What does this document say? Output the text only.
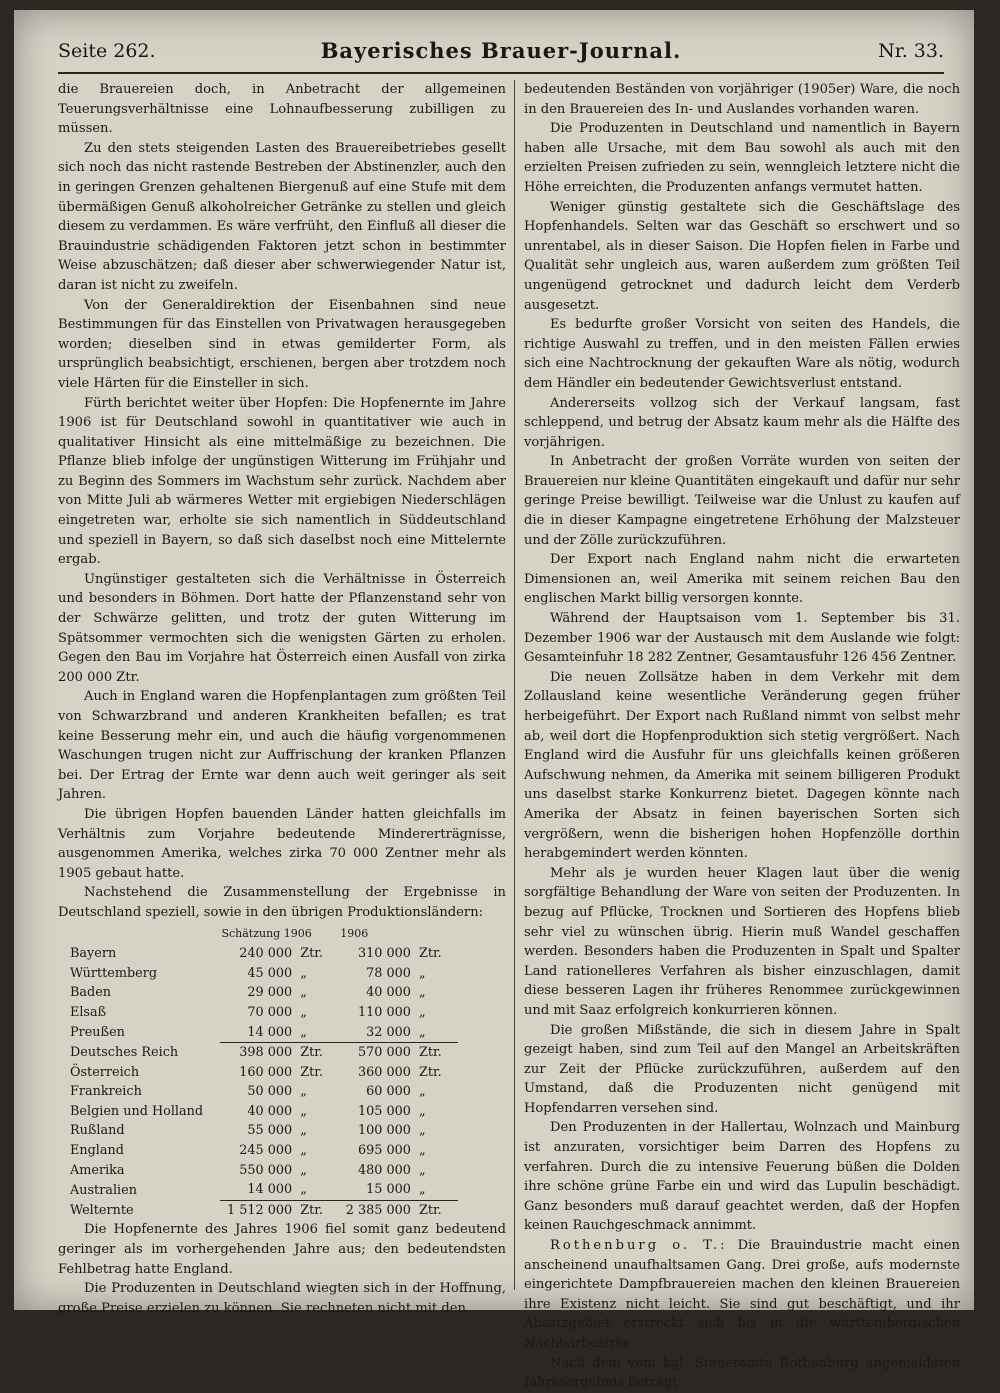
Seite 262.	Bayerisches Brauer-Journal.	Nr. 33.

die Brauereien doch, in Anbetracht der allgemeinen Teuerungsverhältnisse eine Lohnaufbesserung zubilligen zu müssen.

Zu den stets steigenden Lasten des Brauereibetriebes gesellt sich noch das nicht rastende Bestreben der Abstinenzler, auch den in geringen Grenzen gehaltenen Biergenuß auf eine Stufe mit dem übermäßigen Genuß alkoholreicher Getränke zu stellen und gleich diesem zu verdammen. Es wäre verfrüht, den Einfluß all dieser die Brauindustrie schädigenden Faktoren jetzt schon in bestimmter Weise abzuschätzen; daß dieser aber schwerwiegender Natur ist, daran ist nicht zu zweifeln.

Von der Generaldirektion der Eisenbahnen sind neue Bestimmungen für das Einstellen von Privatwagen herausgegeben worden; dieselben sind in etwas gemilderter Form, als ursprünglich beabsichtigt, erschienen, bergen aber trotzdem noch viele Härten für die Einsteller in sich.

Fürth berichtet weiter über Hopfen: Die Hopfenernte im Jahre 1906 ist für Deutschland sowohl in quantitativer wie auch in qualitativer Hinsicht als eine mittelmäßige zu bezeichnen. Die Pflanze blieb infolge der ungünstigen Witterung im Frühjahr und zu Beginn des Sommers im Wachstum sehr zurück. Nachdem aber von Mitte Juli ab wärmeres Wetter mit ergiebigen Niederschlägen eingetreten war, erholte sie sich namentlich in Süddeutschland und speziell in Bayern, so daß sich daselbst noch eine Mittelernte ergab.

Ungünstiger gestalteten sich die Verhältnisse in Österreich und besonders in Böhmen. Dort hatte der Pflanzenstand sehr von der Schwärze gelitten, und trotz der guten Witterung im Spätsommer vermochten sich die wenigsten Gärten zu erholen. Gegen den Bau im Vorjahre hat Österreich einen Ausfall von zirka 200 000 Ztr.

Auch in England waren die Hopfenplantagen zum größten Teil von Schwarzbrand und anderen Krankheiten befallen; es trat keine Besserung mehr ein, und auch die häufig vorgenommenen Waschungen trugen nicht zur Auffrischung der kranken Pflanzen bei. Der Ertrag der Ernte war denn auch weit geringer als seit Jahren.

Die übrigen Hopfen bauenden Länder hatten gleichfalls im Verhältnis zum Vorjahre bedeutende Mindererträgnisse, ausgenommen Amerika, welches zirka 70 000 Zentner mehr als 1905 gebaut hatte.

Nachstehend die Zusammenstellung der Ergebnisse in Deutschland speziell, sowie in den übrigen Produktionsländern:

	Schätzung 1906		1906	
Bayern	240 000	Ztr.	310 000	Ztr.
Württemberg	45 000	„	78 000	„
Baden	29 000	„	40 000	„
Elsaß	70 000	„	110 000	„
Preußen	14 000	„	32 000	„
Deutsches Reich	398 000	Ztr.	570 000	Ztr.
Österreich	160 000	Ztr.	360 000	Ztr.
Frankreich	50 000	„	60 000	„
Belgien und Holland	40 000	„	105 000	„
Rußland	55 000	„	100 000	„
England	245 000	„	695 000	„
Amerika	550 000	„	480 000	„
Australien	14 000	„	15 000	„
Welternte	1 512 000	Ztr.	2 385 000	Ztr.

Die Hopfenernte des Jahres 1906 fiel somit ganz bedeutend geringer als im vorhergehenden Jahre aus; den bedeutendsten Fehlbetrag hatte England.

Die Produzenten in Deutschland wiegten sich in der Hoffnung, große Preise erzielen zu können. Sie rechneten nicht mit den

bedeutenden Beständen von vorjähriger (1905er) Ware, die noch in den Brauereien des In- und Auslandes vorhanden waren.

Die Produzenten in Deutschland und namentlich in Bayern haben alle Ursache, mit dem Bau sowohl als auch mit den erzielten Preisen zufrieden zu sein, wenngleich letztere nicht die Höhe erreichten, die Produzenten anfangs vermutet hatten.

Weniger günstig gestaltete sich die Geschäftslage des Hopfenhandels. Selten war das Geschäft so erschwert und so unrentabel, als in dieser Saison. Die Hopfen fielen in Farbe und Qualität sehr ungleich aus, waren außerdem zum größten Teil ungenügend getrocknet und dadurch leicht dem Verderb ausgesetzt.

Es bedurfte großer Vorsicht von seiten des Handels, die richtige Auswahl zu treffen, und in den meisten Fällen erwies sich eine Nachtrocknung der gekauften Ware als nötig, wodurch dem Händler ein bedeutender Gewichtsverlust entstand.

Andererseits vollzog sich der Verkauf langsam, fast schleppend, und betrug der Absatz kaum mehr als die Hälfte des vorjährigen.

In Anbetracht der großen Vorräte wurden von seiten der Brauereien nur kleine Quantitäten eingekauft und dafür nur sehr geringe Preise bewilligt. Teilweise war die Unlust zu kaufen auf die in dieser Kampagne eingetretene Erhöhung der Malzsteuer und der Zölle zurückzuführen.

Der Export nach England nahm nicht die erwarteten Dimensionen an, weil Amerika mit seinem reichen Bau den englischen Markt billig versorgen konnte.

Während der Hauptsaison vom 1. September bis 31. Dezember 1906 war der Austausch mit dem Auslande wie folgt: Gesamteinfuhr 18 282 Zentner, Gesamtausfuhr 126 456 Zentner.

Die neuen Zollsätze haben in dem Verkehr mit dem Zollausland keine wesentliche Veränderung gegen früher herbeigeführt. Der Export nach Rußland nimmt von selbst mehr ab, weil dort die Hopfenproduktion sich stetig vergrößert. Nach England wird die Ausfuhr für uns gleichfalls keinen größeren Aufschwung nehmen, da Amerika mit seinem billigeren Produkt uns daselbst starke Konkurrenz bietet. Dagegen könnte nach Amerika der Absatz in feinen bayerischen Sorten sich vergrößern, wenn die bisherigen hohen Hopfenzölle dorthin herabgemindert werden könnten.

Mehr als je wurden heuer Klagen laut über die wenig sorgfältige Behandlung der Ware von seiten der Produzenten. In bezug auf Pflücke, Trocknen und Sortieren des Hopfens blieb sehr viel zu wünschen übrig. Hierin muß Wandel geschaffen werden. Besonders haben die Produzenten in Spalt und Spalter Land rationelleres Verfahren als bisher einzuschlagen, damit diese besseren Lagen ihr früheres Renommee zurückgewinnen und mit Saaz erfolgreich konkurrieren können.

Die großen Mißstände, die sich in diesem Jahre in Spalt gezeigt haben, sind zum Teil auf den Mangel an Arbeitskräften zur Zeit der Pflücke zurückzuführen, außerdem auf den Umstand, daß die Produzenten nicht genügend mit Hopfendarren versehen sind.

Den Produzenten in der Hallertau, Wolnzach und Mainburg ist anzuraten, vorsichtiger beim Darren des Hopfens zu verfahren. Durch die zu intensive Feuerung büßen die Dolden ihre schöne grüne Farbe ein und wird das Lupulin beschädigt. Ganz besonders muß darauf geachtet werden, daß der Hopfen keinen Rauchgeschmack annimmt.

Rothenburg o. T.: Die Brauindustrie macht einen anscheinend unaufhaltsamen Gang. Drei große, aufs modernste eingerichtete Dampfbrauereien machen den kleinen Brauereien ihre Existenz nicht leicht. Sie sind gut beschäftigt, und ihr Absatzgebiet erstreckt sich bis in die württembergischen Nachbarbezirke.

Nach dem vom kgl. Steueramte Rothenburg angemeldeten Jahresergebnis beträgt
